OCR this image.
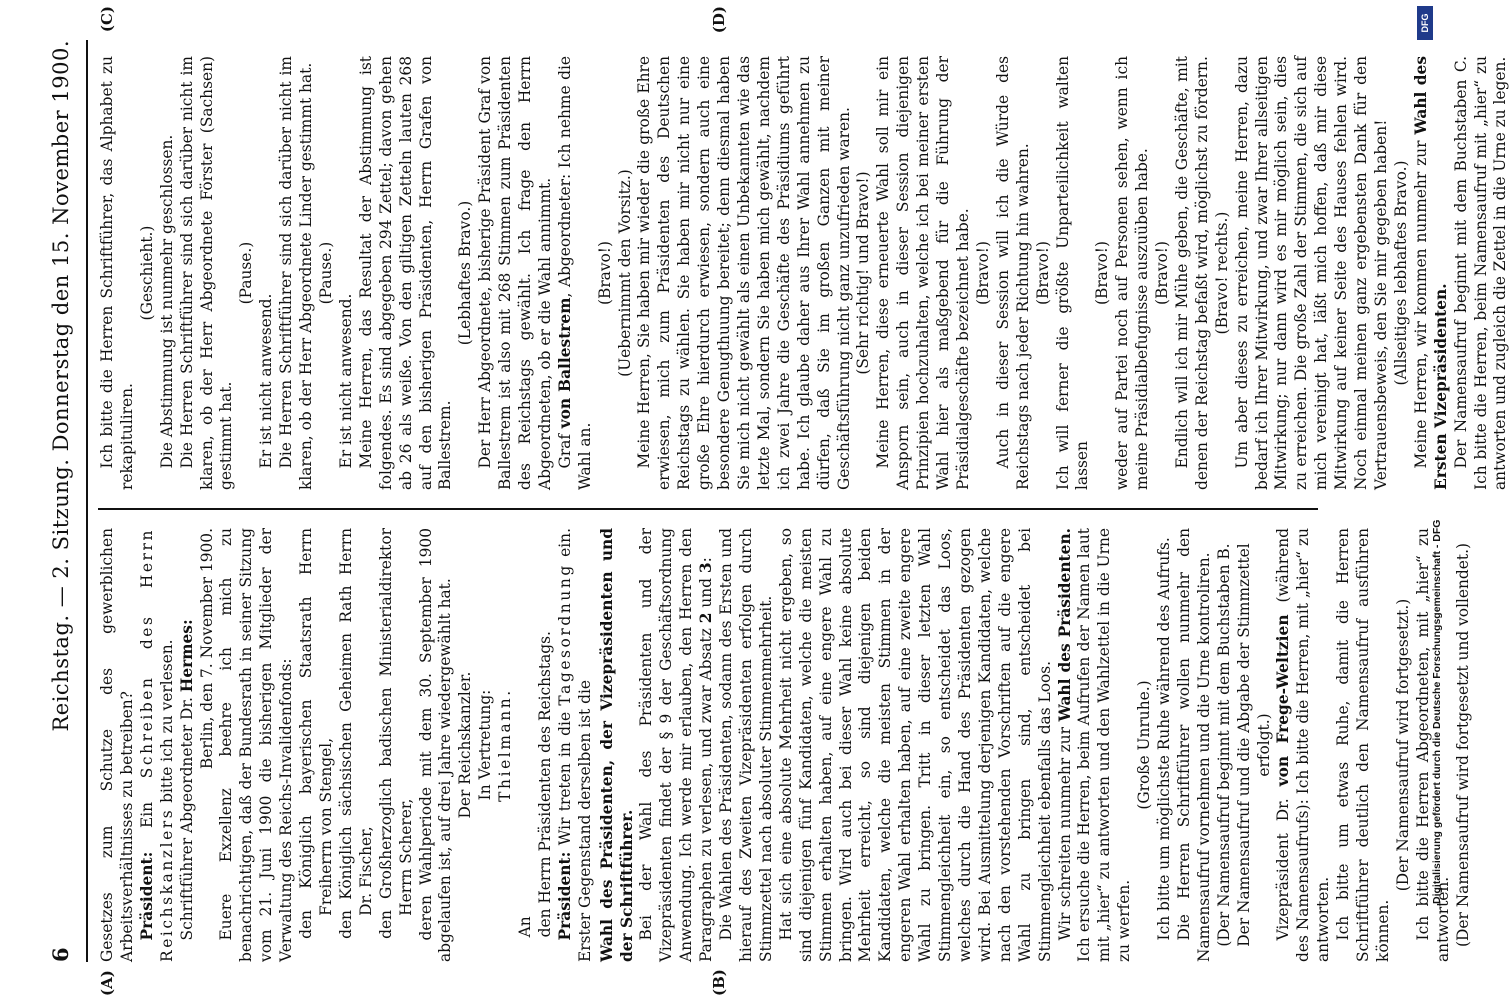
6
Reichstag. — 2. Sitzung. Donnerstag den 15. November 1900.
(A)	(B)
(C)	(D)

Gesetzes zum Schutze des gewerblichen Arbeitsverhältnisses zu betreiben? Präsident: Ein Schreiben des Herrn Reichskanzlers bitte ich zu verlesen. Schriftführer Abgeordneter Dr. Hermes: Berlin, den 7. November 1900. Euere Exzellenz beehre ich mich zu benachrichtigen, daß der Bundesrath in seiner Sitzung vom 21. Juni 1900 die bisherigen Mitglieder der Verwaltung des Reichs-Invalidenfonds: den Königlich bayerischen Staatsrath Herrn Freiherrn von Stengel, den Königlich sächsischen Geheimen Rath Herrn Dr. Fischer, den Großherzoglich badischen Ministerialdirektor Herrn Scherer, deren Wahlperiode mit dem 30. September 1900 abgelaufen ist, auf drei Jahre wiedergewählt hat. Der Reichskanzler. In Vertretung: Thielmann.

An den Herrn Präsidenten des Reichstags. Präsident: Wir treten in die Tagesordnung ein. Erster Gegenstand derselben ist die Wahl des Präsidenten, der Vizepräsidenten und der Schriftführer. Bei der Wahl des Präsidenten und der Vizepräsidenten findet der § 9 der Geschäftsordnung Anwendung. Ich werde mir erlauben, den Herren den Paragraphen zu verlesen, und zwar Absatz 2 und 3: Die Wahlen des Präsidenten, sodann des Ersten und hierauf des Zweiten Vizepräsidenten erfolgen durch Stimmzettel nach absoluter Stimmenmehrheit. Hat sich eine absolute Mehrheit nicht ergeben, so sind diejenigen fünf Kandidaten, welche die meisten Stimmen erhalten haben, auf eine engere Wahl zu bringen. Wird auch bei dieser Wahl keine absolute Mehrheit erreicht, so sind diejenigen beiden Kandidaten, welche die meisten Stimmen in der engeren Wahl erhalten haben, auf eine zweite engere Wahl zu bringen. Tritt in dieser letzten Wahl Stimmengleichheit ein, so entscheidet das Loos, welches durch die Hand des Präsidenten gezogen wird. Bei Ausmittelung derjenigen Kandidaten, welche nach den vorstehenden Vorschriften auf die engere Wahl zu bringen sind, entscheidet bei Stimmengleichheit ebenfalls das Loos. Wir schreiten nunmehr zur Wahl des Präsidenten. Ich ersuche die Herren, beim Aufrufen der Namen laut mit „hier“ zu antworten und den Wahlzettel in die Urne zu werfen.

(Große Unruhe.) Ich bitte um möglichste Ruhe während des Aufrufs. Die Herren Schriftführer wollen nunmehr den Namensaufruf vornehmen und die Urne kontroliren. (Der Namensaufruf beginnt mit dem Buchstaben B. Der Namensaufruf und die Abgabe der Stimmzettel erfolgt.)

Vizepräsident Dr. von Frege-Weltzien (während des Namensaufrufs): Ich bitte die Herren, mit „hier“ zu antworten. Ich bitte um etwas Ruhe, damit die Herren Schriftführer deutlich den Namensaufruf ausführen können.

(Der Namensaufruf wird fortgesetzt.) Ich bitte die Herren Abgeordneten, mit „hier“ zu antworten. (Der Namensaufruf wird fortgesetzt und vollendet.)

Ich bitte die Herren Schriftführer, das Alphabet zu rekapituliren.

(Geschieht.) Die Abstimmung ist nunmehr geschlossen. Die Herren Schriftführer sind sich darüber nicht im klaren, ob der Herr Abgeordnete Förster (Sachsen) gestimmt hat.

(Pause.)

Er ist nicht anwesend. Die Herren Schriftführer sind sich darüber nicht im klaren, ob der Herr Abgeordnete Linder gestimmt hat. (Pause.)

Er ist nicht anwesend. Meine Herren, das Resultat der Abstimmung ist folgendes. Es sind abgegeben 294 Zettel; davon gehen ab 26 als weiße. Von den giltigen Zetteln lauten 268 auf den bisherigen Präsidenten, Herrn Grafen von Ballestrem.

(Lebhaftes Bravo.) Der Herr Abgeordnete, bisherige Präsident Graf von Ballestrem ist also mit 268 Stimmen zum Präsidenten des Reichstags gewählt. Ich frage den Herrn Abgeordneten, ob er die Wahl annimmt. Graf von Ballestrem, Abgeordneter: Ich nehme die Wahl an.

(Bravo!) (Uebernimmt den Vorsitz.) Meine Herren, Sie haben mir wieder die große Ehre erwiesen, mich zum Präsidenten des Deutschen Reichstags zu wählen. Sie haben mir nicht nur eine große Ehre hierdurch erwiesen, sondern auch eine besondere Genugthuung bereitet; denn diesmal haben Sie mich nicht gewählt als einen Unbekannten wie das letzte Mal, sondern Sie haben mich gewählt, nachdem ich zwei Jahre die Geschäfte des Präsidiums geführt habe. Ich glaube daher aus Ihrer Wahl annehmen zu dürfen, daß Sie im großen Ganzen mit meiner Geschäftsführung nicht ganz unzufrieden waren. (Sehr richtig! und Bravo!) Meine Herren, diese erneuerte Wahl soll mir ein Ansporn sein, auch in dieser Session diejenigen Prinzipien hochzuhalten, welche ich bei meiner ersten Wahl hier als maßgebend für die Führung der Präsidialgeschäfte bezeichnet habe. (Bravo!) Auch in dieser Session will ich die Würde des Reichstags nach jeder Richtung hin wahren. (Bravo!) Ich will ferner die größte Unparteilichkeit walten lassen

(Bravo!) weder auf Partei noch auf Personen sehen, wenn ich meine Präsidialbefugnisse auszuüben habe. (Bravo!) Endlich will ich mir Mühe geben, die Geschäfte, mit denen der Reichstag befaßt wird, möglichst zu fördern. (Bravo! rechts.) Um aber dieses zu erreichen, meine Herren, dazu bedarf ich Ihrer Mitwirkung, und zwar Ihrer allseitigen Mitwirkung; nur dann wird es mir möglich sein, dies zu erreichen. Die große Zahl der Stimmen, die sich auf mich vereinigt hat, läßt mich hoffen, daß mir diese Mitwirkung auf keiner Seite des Hauses fehlen wird. Noch einmal meinen ganz ergebensten Dank für den Vertrauensbeweis, den Sie mir gegeben haben! (Allseitiges lebhaftes Bravo.) Meine Herren, wir kommen nunmehr zur Wahl des Ersten Vizepräsidenten. Der Namensaufruf beginnt mit dem Buchstaben C. Ich bitte die Herren, beim Namensaufruf mit „hier“ zu antworten und zugleich die Zettel in die Urne zu legen.

Digitalisierung gefördert durch die Deutsche Forschungsgemeinschaft - DFG
DFG
